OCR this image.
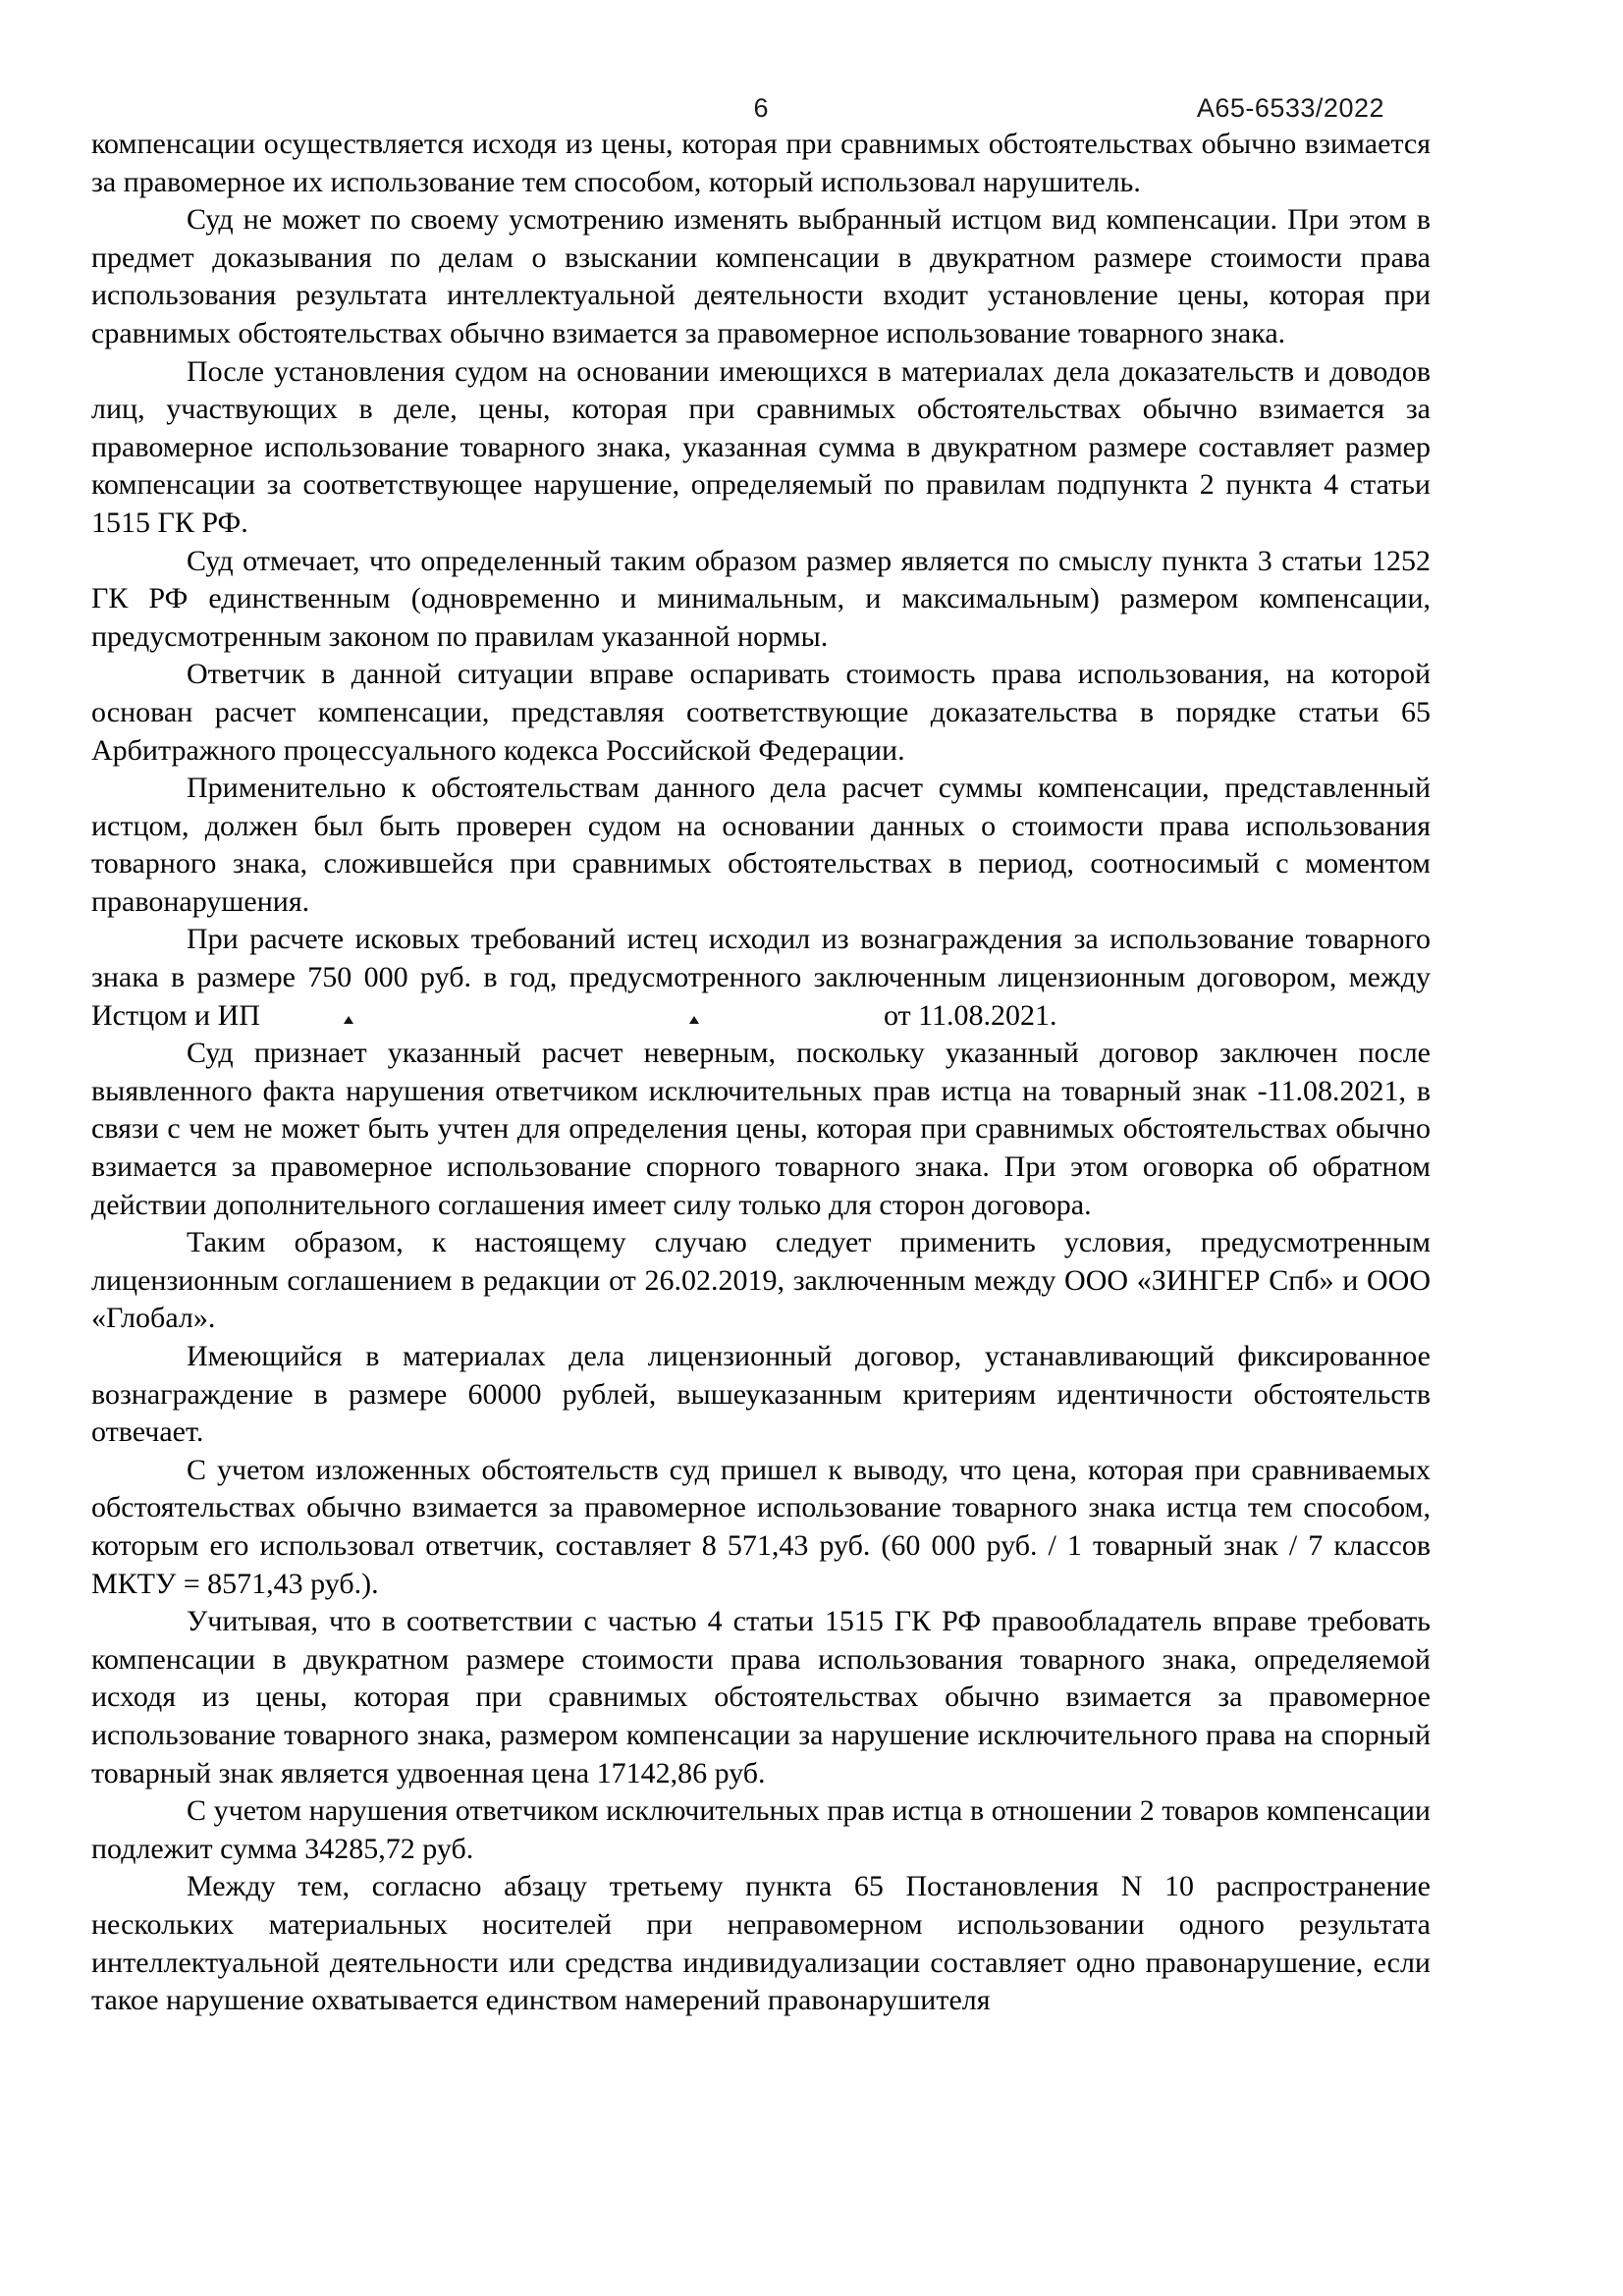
6	А65-6533/2022

компенсации осуществляется исходя из цены, которая при сравнимых обстоятельствах обычно взимается за правомерное их использование тем способом, который использовал нарушитель.

Суд не может по своему усмотрению изменять выбранный истцом вид компенсации. При этом в предмет доказывания по делам о взыскании компенсации в двукратном размере стоимости права использования результата интеллектуальной деятельности входит установление цены, которая при сравнимых обстоятельствах обычно взимается за правомерное использование товарного знака.

После установления судом на основании имеющихся в материалах дела доказательств и доводов лиц, участвующих в деле, цены, которая при сравнимых обстоятельствах обычно взимается за правомерное использование товарного знака, указанная сумма в двукратном размере составляет размер компенсации за соответствующее нарушение, определяемый по правилам подпункта 2 пункта 4 статьи 1515 ГК РФ.

Суд отмечает, что определенный таким образом размер является по смыслу пункта 3 статьи 1252 ГК РФ единственным (одновременно и минимальным, и максимальным) размером компенсации, предусмотренным законом по правилам указанной нормы.

Ответчик в данной ситуации вправе оспаривать стоимость права использования, на которой основан расчет компенсации, представляя соответствующие доказательства в порядке статьи 65 Арбитражного процессуального кодекса Российской Федерации.

Применительно к обстоятельствам данного дела расчет суммы компенсации, представленный истцом, должен был быть проверен судом на основании данных о стоимости права использования товарного знака, сложившейся при сравнимых обстоятельствах в период, соотносимый с моментом правонарушения.

При расчете исковых требований истец исходил из вознаграждения за использование товарного знака в размере 750 000 руб. в год, предусмотренного заключенным лицензионным договором, между Истцом и ИП	от 11.08.2021.

Суд признает указанный расчет неверным, поскольку указанный договор заключен после выявленного факта нарушения ответчиком исключительных прав истца на товарный знак -11.08.2021, в связи с чем не может быть учтен для определения цены, которая при сравнимых обстоятельствах обычно взимается за правомерное использование спорного товарного знака. При этом оговорка об обратном действии дополнительного соглашения имеет силу только для сторон договора.

Таким образом, к настоящему случаю следует применить условия, предусмотренным лицензионным соглашением в редакции от 26.02.2019, заключенным между ООО «ЗИНГЕР Спб» и ООО «Глобал».

Имеющийся в материалах дела лицензионный договор, устанавливающий фиксированное вознаграждение в размере 60000 рублей, вышеуказанным критериям идентичности обстоятельств отвечает.

С учетом изложенных обстоятельств суд пришел к выводу, что цена, которая при сравниваемых обстоятельствах обычно взимается за правомерное использование товарного знака истца тем способом, которым его использовал ответчик, составляет 8 571,43 руб. (60 000 руб. / 1 товарный знак / 7 классов МКТУ = 8571,43 руб.).

Учитывая, что в соответствии с частью 4 статьи 1515 ГК РФ правообладатель вправе требовать компенсации в двукратном размере стоимости права использования товарного знака, определяемой исходя из цены, которая при сравнимых обстоятельствах обычно взимается за правомерное использование товарного знака, размером компенсации за нарушение исключительного права на спорный товарный знак является удвоенная цена 17142,86 руб.

С учетом нарушения ответчиком исключительных прав истца в отношении 2 товаров компенсации подлежит сумма 34285,72 руб.

Между тем, согласно абзацу третьему пункта 65 Постановления N 10 распространение нескольких материальных носителей при неправомерном использовании одного результата интеллектуальной деятельности или средства индивидуализации составляет одно правонарушение, если такое нарушение охватывается единством намерений правонарушителя
